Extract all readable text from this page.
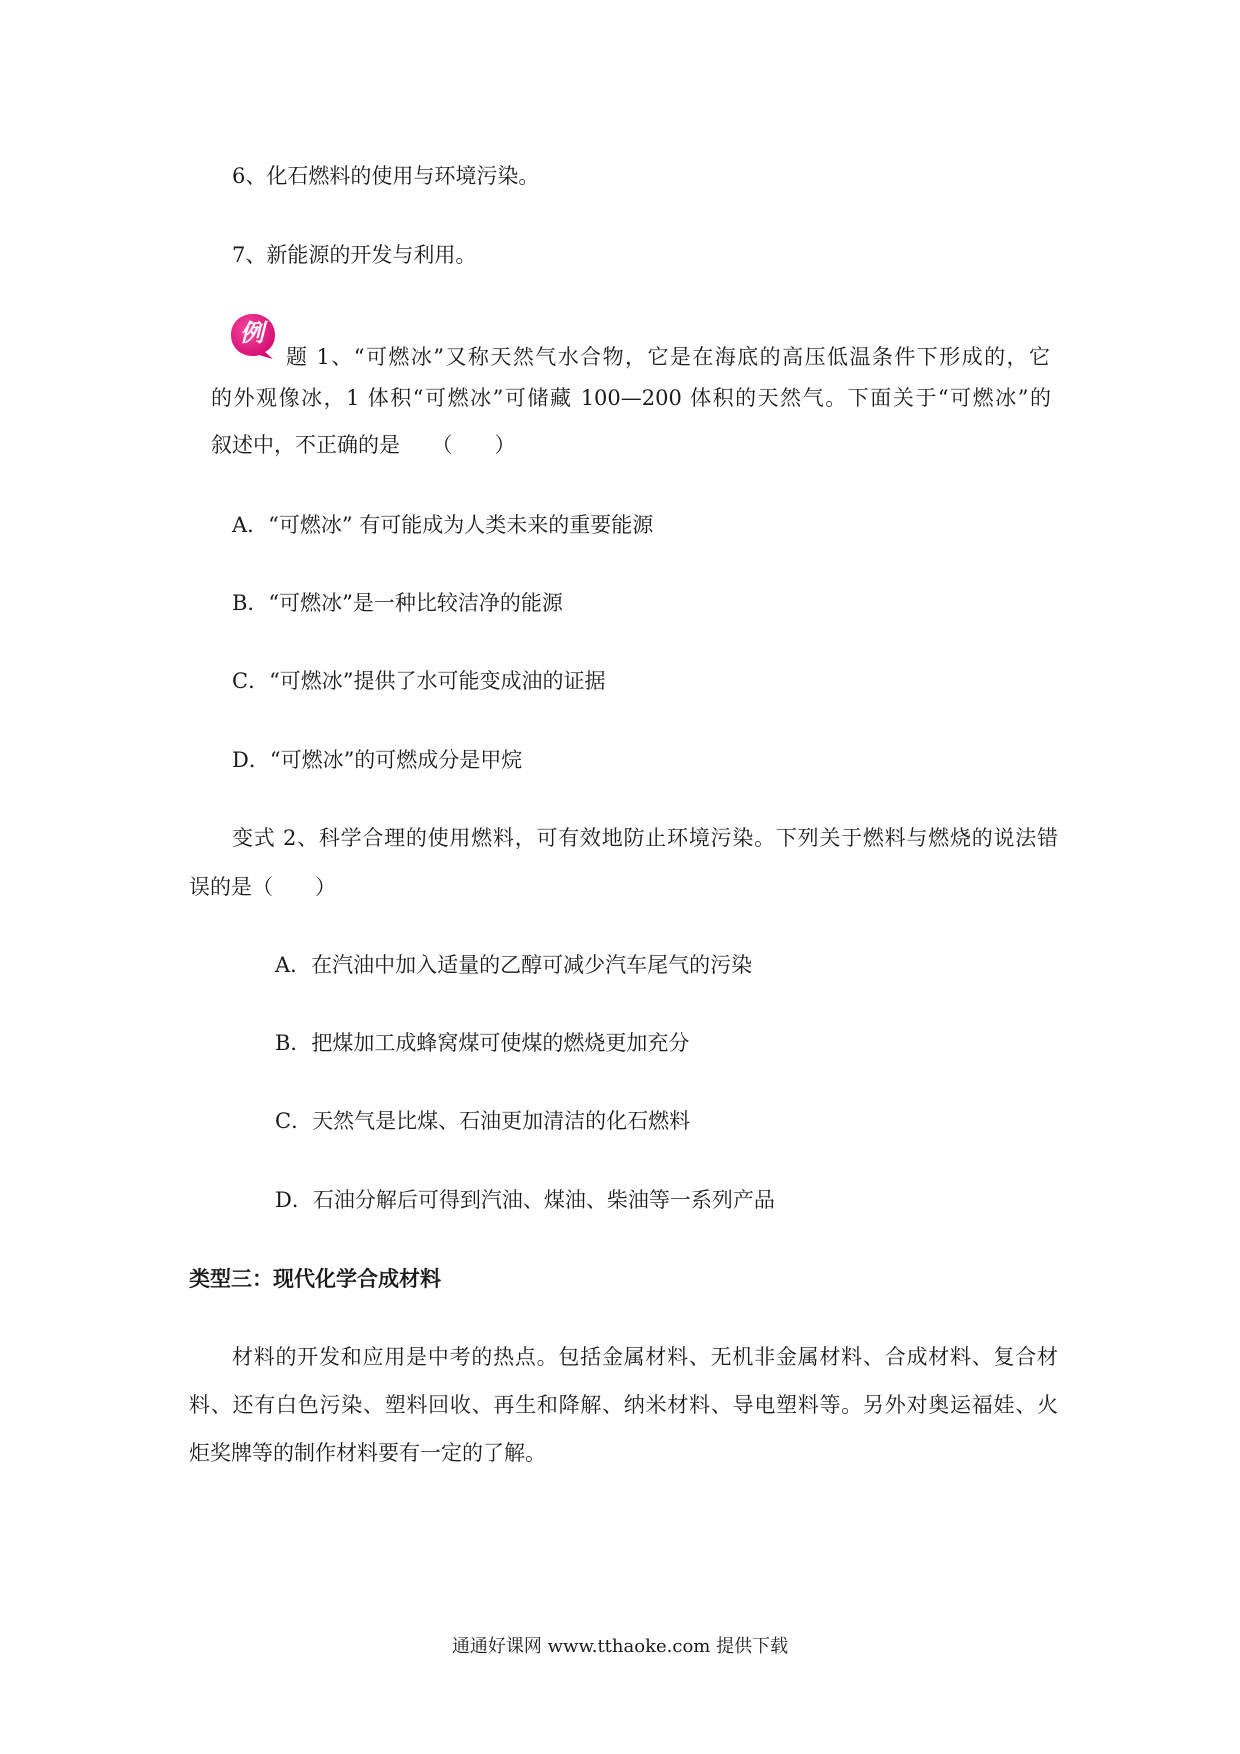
6、化石燃料的使用与环境污染。
7、新能源的开发与利用。
例
题 1、“可燃冰”又称天然气水合物，它是在海底的高压低温条件下形成的，它
的外观像冰，1 体积“可燃冰”可储藏 100—200 体积的天然气。下面关于“可燃冰”的
叙述中，不正确的是　　（　　）
A．“可燃冰” 有可能成为人类未来的重要能源
B．“可燃冰”是一种比较洁净的能源
C．“可燃冰”提供了水可能变成油的证据
D．“可燃冰”的可燃成分是甲烷
变式 2、科学合理的使用燃料，可有效地防止环境污染。下列关于燃料与燃烧的说法错
误的是（　　）
A．在汽油中加入适量的乙醇可减少汽车尾气的污染
B．把煤加工成蜂窝煤可使煤的燃烧更加充分
C．天然气是比煤、石油更加清洁的化石燃料
D．石油分解后可得到汽油、煤油、柴油等一系列产品
类型三：现代化学合成材料
材料的开发和应用是中考的热点。包括金属材料、无机非金属材料、合成材料、复合材
料、还有白色污染、塑料回收、再生和降解、纳米材料、导电塑料等。另外对奥运福娃、火
炬奖牌等的制作材料要有一定的了解。
通通好课网 www.tthaoke.com 提供下载
